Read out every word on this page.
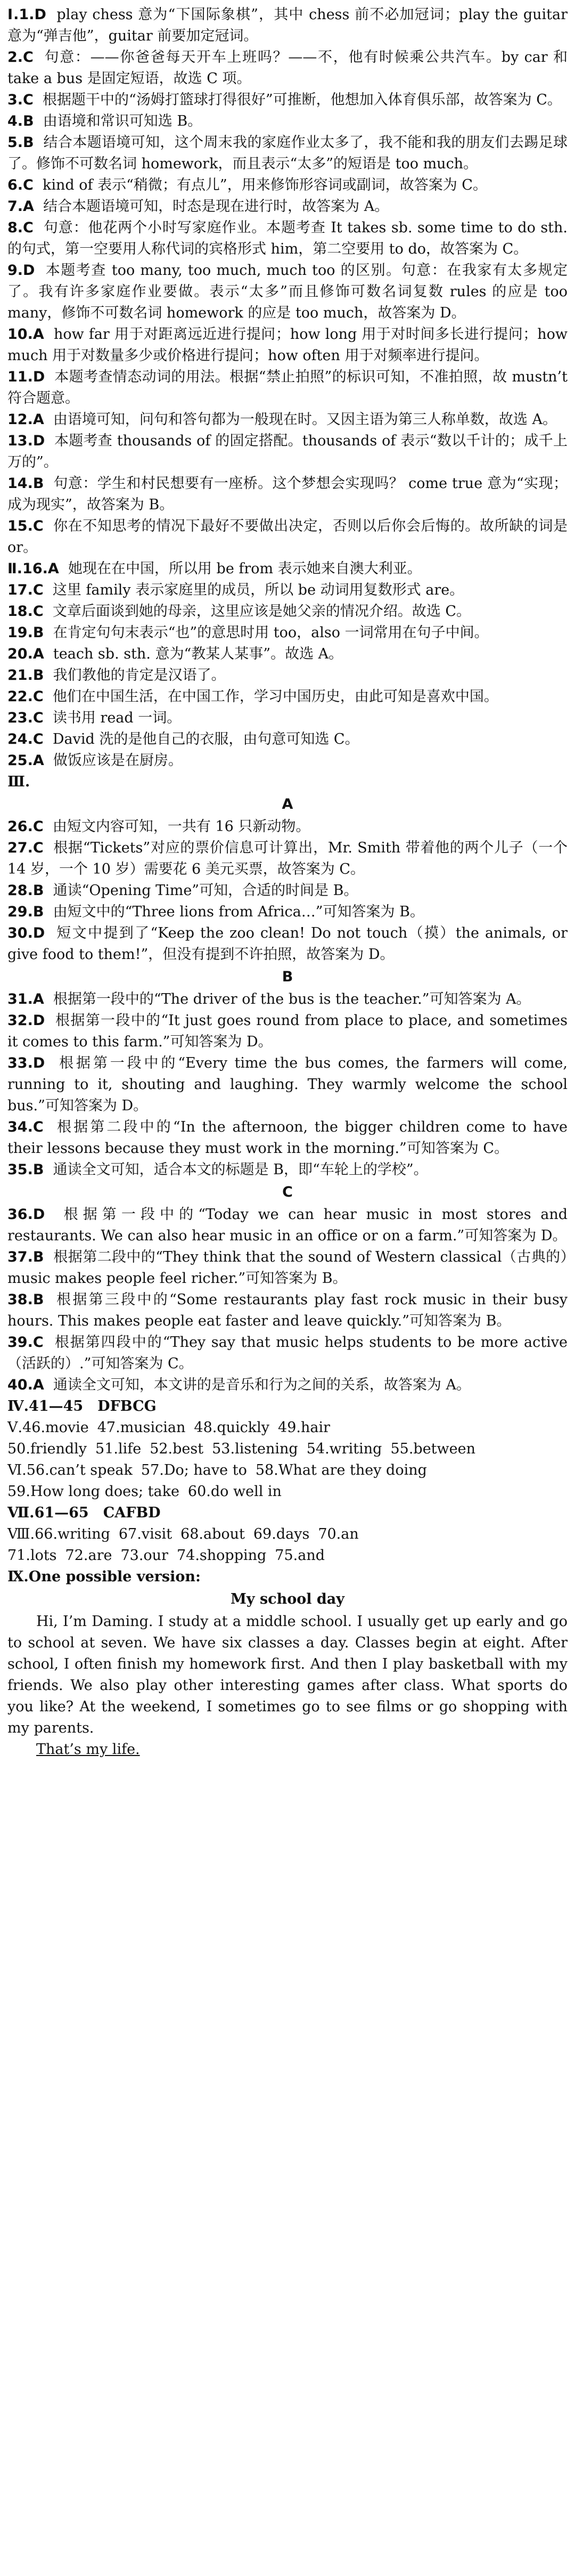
Ⅰ.1.D play chess 意为“下国际象棋”，其中 chess 前不必加冠词；play the guitar 意为“弹吉他”，guitar 前要加定冠词。

2.C 句意：——你爸爸每天开车上班吗？——不，他有时候乘公共汽车。by car 和 take a bus 是固定短语，故选 C 项。

3.C 根据题干中的“汤姆打篮球打得很好”可推断，他想加入体育俱乐部，故答案为 C。

4.B 由语境和常识可知选 B。

5.B 结合本题语境可知，这个周末我的家庭作业太多了，我不能和我的朋友们去踢足球了。修饰不可数名词 homework，而且表示“太多”的短语是 too much。

6.C kind of 表示“稍微；有点儿”，用来修饰形容词或副词，故答案为 C。

7.A 结合本题语境可知，时态是现在进行时，故答案为 A。

8.C 句意：他花两个小时写家庭作业。本题考查 It takes sb. some time to do sth. 的句式，第一空要用人称代词的宾格形式 him，第二空要用 to do，故答案为 C。

9.D 本题考查 too many, too much, much too 的区别。句意：在我家有太多规定了。我有许多家庭作业要做。表示“太多”而且修饰可数名词复数 rules 的应是 too many，修饰不可数名词 homework 的应是 too much，故答案为 D。

10.A how far 用于对距离远近进行提问；how long 用于对时间多长进行提问；how much 用于对数量多少或价格进行提问；how often 用于对频率进行提问。

11.D 本题考查情态动词的用法。根据“禁止拍照”的标识可知，不准拍照，故 mustn’t 符合题意。

12.A 由语境可知，问句和答句都为一般现在时。又因主语为第三人称单数，故选 A。

13.D 本题考查 thousands of 的固定搭配。thousands of 表示“数以千计的；成千上万的”。

14.B 句意：学生和村民想要有一座桥。这个梦想会实现吗？ come true 意为“实现；成为现实”，故答案为 B。

15.C 你在不知思考的情况下最好不要做出决定，否则以后你会后悔的。故所缺的词是 or。

Ⅱ.16.A 她现在在中国，所以用 be from 表示她来自澳大利亚。

17.C 这里 family 表示家庭里的成员，所以 be 动词用复数形式 are。

18.C 文章后面谈到她的母亲，这里应该是她父亲的情况介绍。故选 C。

19.B 在肯定句句末表示“也”的意思时用 too，also 一词常用在句子中间。

20.A teach sb. sth. 意为“教某人某事”。故选 A。

21.B 我们教他的肯定是汉语了。

22.C 他们在中国生活，在中国工作，学习中国历史，由此可知是喜欢中国。

23.C 读书用 read 一词。

24.C David 洗的是他自己的衣服，由句意可知选 C。

25.A 做饭应该是在厨房。

Ⅲ.

A

26.C 由短文内容可知，一共有 16 只新动物。

27.C 根据“Tickets”对应的票价信息可计算出，Mr. Smith 带着他的两个儿子（一个 14 岁，一个 10 岁）需要花 6 美元买票，故答案为 C。

28.B 通读“Opening Time”可知，合适的时间是 B。

29.B 由短文中的“Three lions from Africa…”可知答案为 B。

30.D 短文中提到了“Keep the zoo clean! Do not touch（摸）the animals, or give food to them!”，但没有提到不许拍照，故答案为 D。

B

31.A 根据第一段中的“The driver of the bus is the teacher.”可知答案为 A。

32.D 根据第一段中的“It just goes round from place to place, and sometimes it comes to this farm.”可知答案为 D。

33.D 根据第一段中的“Every time the bus comes, the farmers will come, running to it, shouting and laughing. They warmly welcome the school bus.”可知答案为 D。

34.C 根据第二段中的“In the afternoon, the bigger children come to have their lessons because they must work in the morning.”可知答案为 C。

35.B 通读全文可知，适合本文的标题是 B，即“车轮上的学校”。

C

36.D 根据第一段中的“Today we can hear music in most stores and restaurants. We can also hear music in an office or on a farm.”可知答案为 D。

37.B 根据第二段中的“They think that the sound of Western classical（古典的）music makes people feel richer.”可知答案为 B。

38.B 根据第三段中的“Some restaurants play fast rock music in their busy hours. This makes people eat faster and leave quickly.”可知答案为 B。

39.C 根据第四段中的“They say that music helps students to be more active（活跃的）.”可知答案为 C。

40.A 通读全文可知，本文讲的是音乐和行为之间的关系，故答案为 A。

Ⅳ.41—45　DFBCG

Ⅴ.46.movie 47.musician 48.quickly 49.hair
50.friendly 51.life 52.best 53.listening 54.writing 55.between
Ⅵ.56.can’t speak 57.Do; have to 58.What are they doing
59.How long does; take 60.do well in

Ⅶ.61—65　CAFBD

Ⅷ.66.writing 67.visit 68.about 69.days 70.an
71.lots 72.are 73.our 74.shopping 75.and

Ⅸ.One possible version:

My school day

Hi, I’m Daming. I study at a middle school. I usually get up early and go to school at seven. We have six classes a day. Classes begin at eight. After school, I often finish my homework first. And then I play basketball with my friends. We also play other interesting games after class. What sports do you like? At the weekend, I sometimes go to see films or go shopping with my parents.

That’s my life.
